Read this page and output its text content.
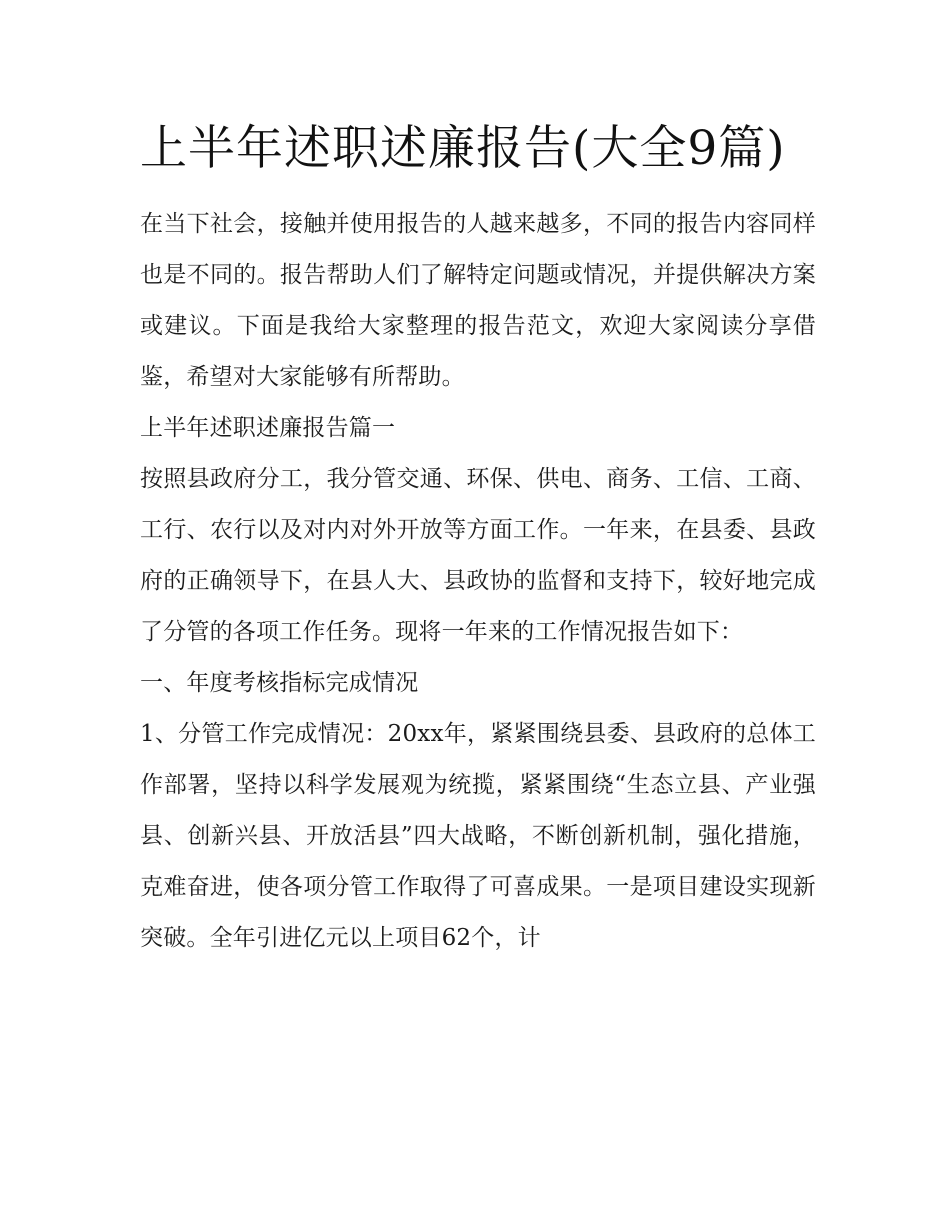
上半年述职述廉报告(大全9篇)

在当下社会，接触并使用报告的人越来越多，不同的报告内容同样也是不同的。报告帮助人们了解特定问题或情况，并提供解决方案或建议。下面是我给大家整理的报告范文，欢迎大家阅读分享借鉴，希望对大家能够有所帮助。

上半年述职述廉报告篇一

按照县政府分工，我分管交通、环保、供电、商务、工信、工商、工行、农行以及对内对外开放等方面工作。一年来，在县委、县政府的正确领导下，在县人大、县政协的监督和支持下，较好地完成了分管的各项工作任务。现将一年来的工作情况报告如下：

一、年度考核指标完成情况

1、分管工作完成情况：20xx年，紧紧围绕县委、县政府的总体工作部署，坚持以科学发展观为统揽，紧紧围绕“生态立县、产业强县、创新兴县、开放活县”四大战略，不断创新机制，强化措施，克难奋进，使各项分管工作取得了可喜成果。一是项目建设实现新突破。全年引进亿元以上项目62个，计
